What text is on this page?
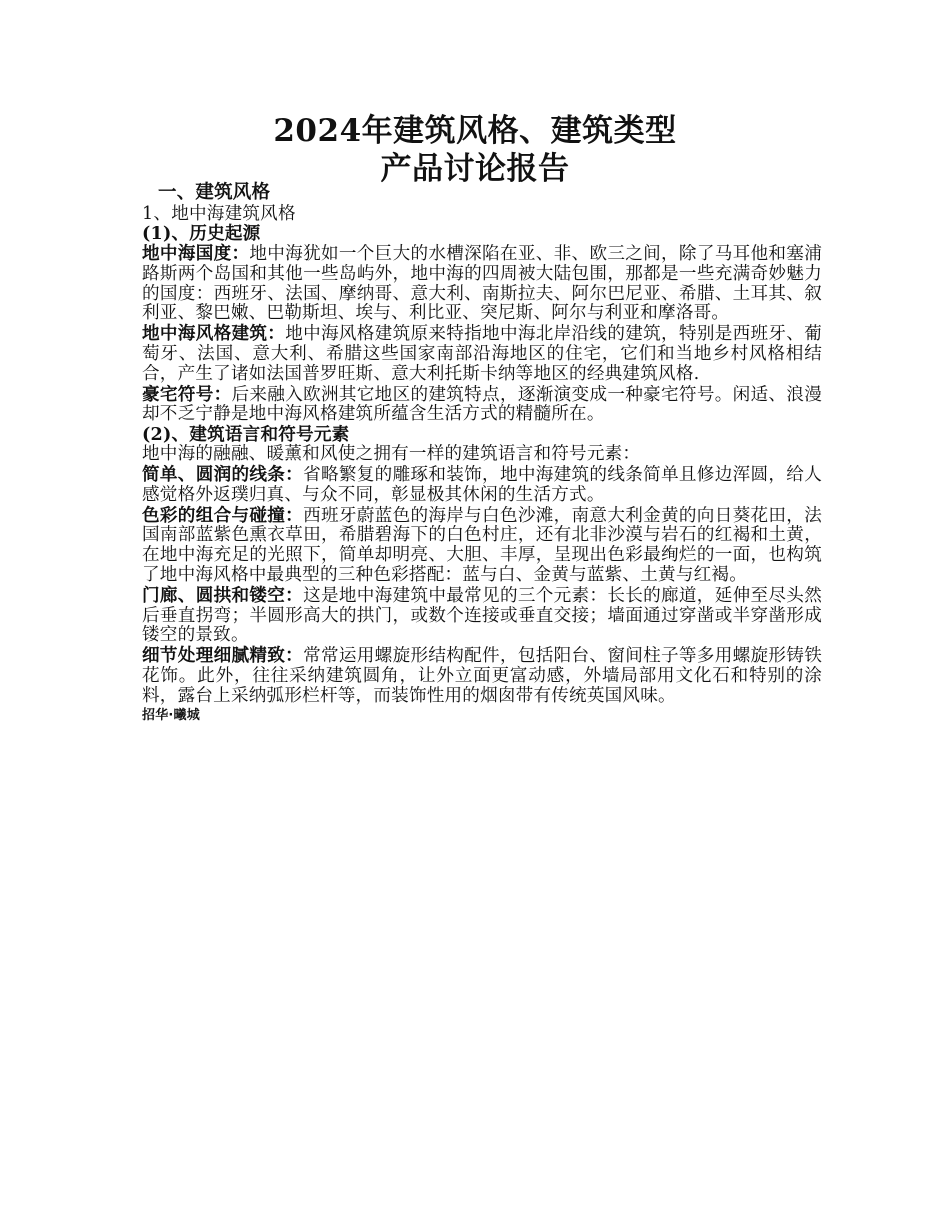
2024年建筑风格、建筑类型
产品讨论报告
一、建筑风格
1、地中海建筑风格
(1)、历史起源

地中海国度：地中海犹如一个巨大的水槽深陷在亚、非、欧三之间，除了马耳他和塞浦路斯两个岛国和其他一些岛屿外，地中海的四周被大陆包围，那都是一些充满奇妙魅力的国度：西班牙、法国、摩纳哥、意大利、南斯拉夫、阿尔巴尼亚、希腊、土耳其、叙利亚、黎巴嫩、巴勒斯坦、埃与、利比亚、突尼斯、阿尔与利亚和摩洛哥。

地中海风格建筑：地中海风格建筑原来特指地中海北岸沿线的建筑，特别是西班牙、葡萄牙、法国、意大利、希腊这些国家南部沿海地区的住宅，它们和当地乡村风格相结合，产生了诸如法国普罗旺斯、意大利托斯卡纳等地区的经典建筑风格.

豪宅符号：后来融入欧洲其它地区的建筑特点，逐渐演变成一种豪宅符号。闲适、浪漫却不乏宁静是地中海风格建筑所蕴含生活方式的精髓所在。

(2)、建筑语言和符号元素

地中海的融融、暖薰和风使之拥有一样的建筑语言和符号元素：

简单、圆润的线条：省略繁复的雕琢和装饰，地中海建筑的线条简单且修边浑圆，给人感觉格外返璞归真、与众不同，彰显极其休闲的生活方式。

色彩的组合与碰撞：西班牙蔚蓝色的海岸与白色沙滩，南意大利金黄的向日葵花田，法国南部蓝紫色熏衣草田，希腊碧海下的白色村庄，还有北非沙漠与岩石的红褐和土黄，在地中海充足的光照下，简单却明亮、大胆、丰厚，呈现出色彩最绚烂的一面，也构筑了地中海风格中最典型的三种色彩搭配：蓝与白、金黄与蓝紫、土黄与红褐。

门廊、圆拱和镂空：这是地中海建筑中最常见的三个元素：长长的廊道，延伸至尽头然后垂直拐弯；半圆形高大的拱门，或数个连接或垂直交接；墙面通过穿凿或半穿凿形成镂空的景致。

细节处理细腻精致：常常运用螺旋形结构配件，包括阳台、窗间柱子等多用螺旋形铸铁花饰。此外，往往采纳建筑圆角，让外立面更富动感，外墙局部用文化石和特别的涂料，露台上采纳弧形栏杆等，而装饰性用的烟囱带有传统英国风味。

招华·曦城
